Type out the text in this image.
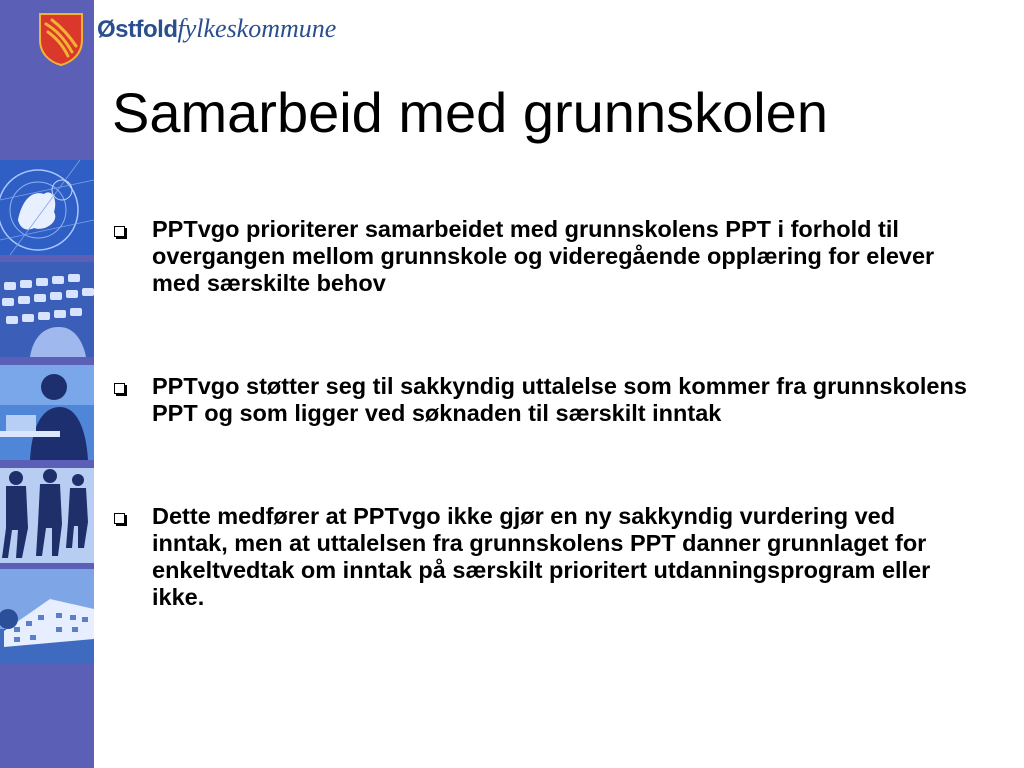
Østfoldfylkeskommune
Samarbeid med grunnskolen
PPTvgo prioriterer samarbeidet med grunnskolens PPT i forhold til overgangen mellom grunnskole og videregående opplæring for elever med særskilte behov
PPTvgo støtter seg til sakkyndig uttalelse som kommer fra grunnskolens PPT og som ligger ved søknaden til særskilt inntak
Dette medfører at PPTvgo ikke gjør en ny sakkyndig vurdering ved inntak, men at uttalelsen fra grunnskolens PPT danner grunnlaget for enkeltvedtak om inntak på særskilt prioritert utdanningsprogram eller ikke.
